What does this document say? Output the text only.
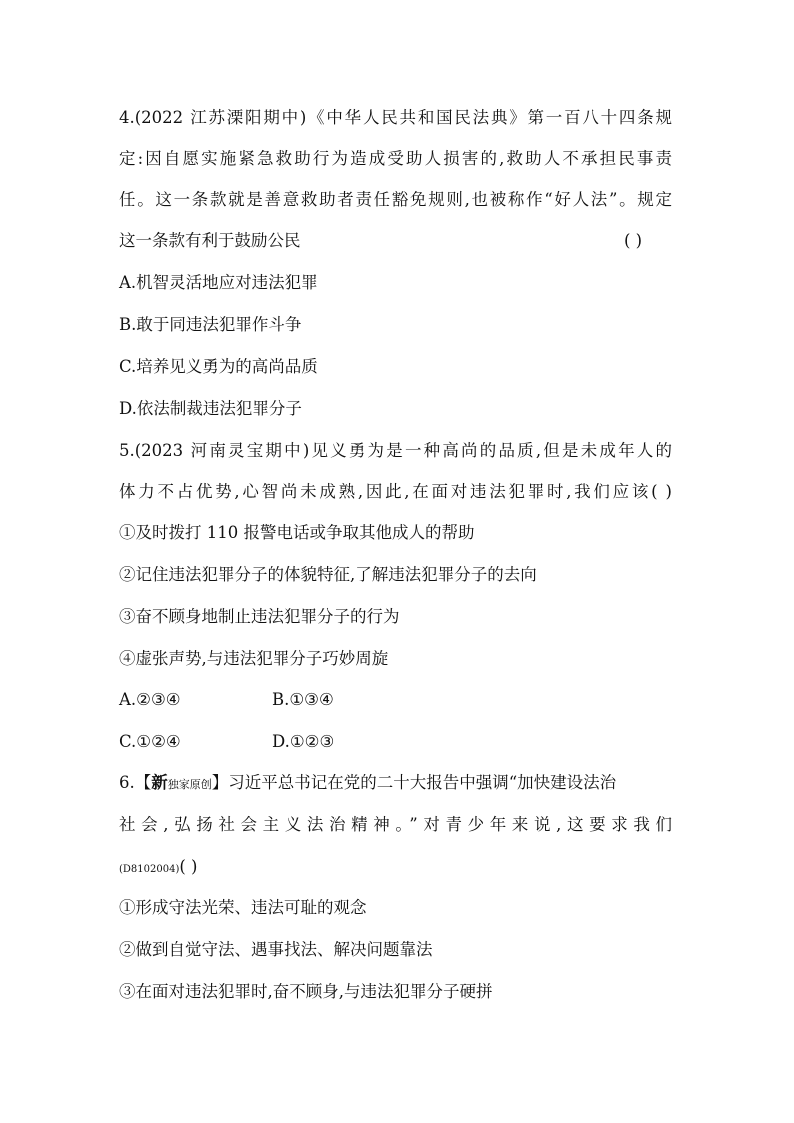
4.(2022 江苏溧阳期中)《中华人民共和国民法典》第一百八十四条规
定:因自愿实施紧急救助行为造成受助人损害的,救助人不承担民事责
任。这一条款就是善意救助者责任豁免规则,也被称作“好人法”。规定
这一条款有利于鼓励公民	( )
A.机智灵活地应对违法犯罪
B.敢于同违法犯罪作斗争
C.培养见义勇为的高尚品质
D.依法制裁违法犯罪分子
5.(2023 河南灵宝期中)见义勇为是一种高尚的品质,但是未成年人的
体力不占优势,心智尚未成熟,因此,在面对违法犯罪时,我们应该( )
①及时拨打 110 报警电话或争取其他成人的帮助
②记住违法犯罪分子的体貌特征,了解违法犯罪分子的去向
③奋不顾身地制止违法犯罪分子的行为
④虚张声势,与违法犯罪分子巧妙周旋
A.②③④	B.①③④
C.①②④	D.①②③
6.【新独家原创】习近平总书记在党的二十大报告中强调“加快建设法治
社会,弘扬社会主义法治精神。”对青少年来说,这要求我们
(D8102004)( )
①形成守法光荣、违法可耻的观念
②做到自觉守法、遇事找法、解决问题靠法
③在面对违法犯罪时,奋不顾身,与违法犯罪分子硬拼
